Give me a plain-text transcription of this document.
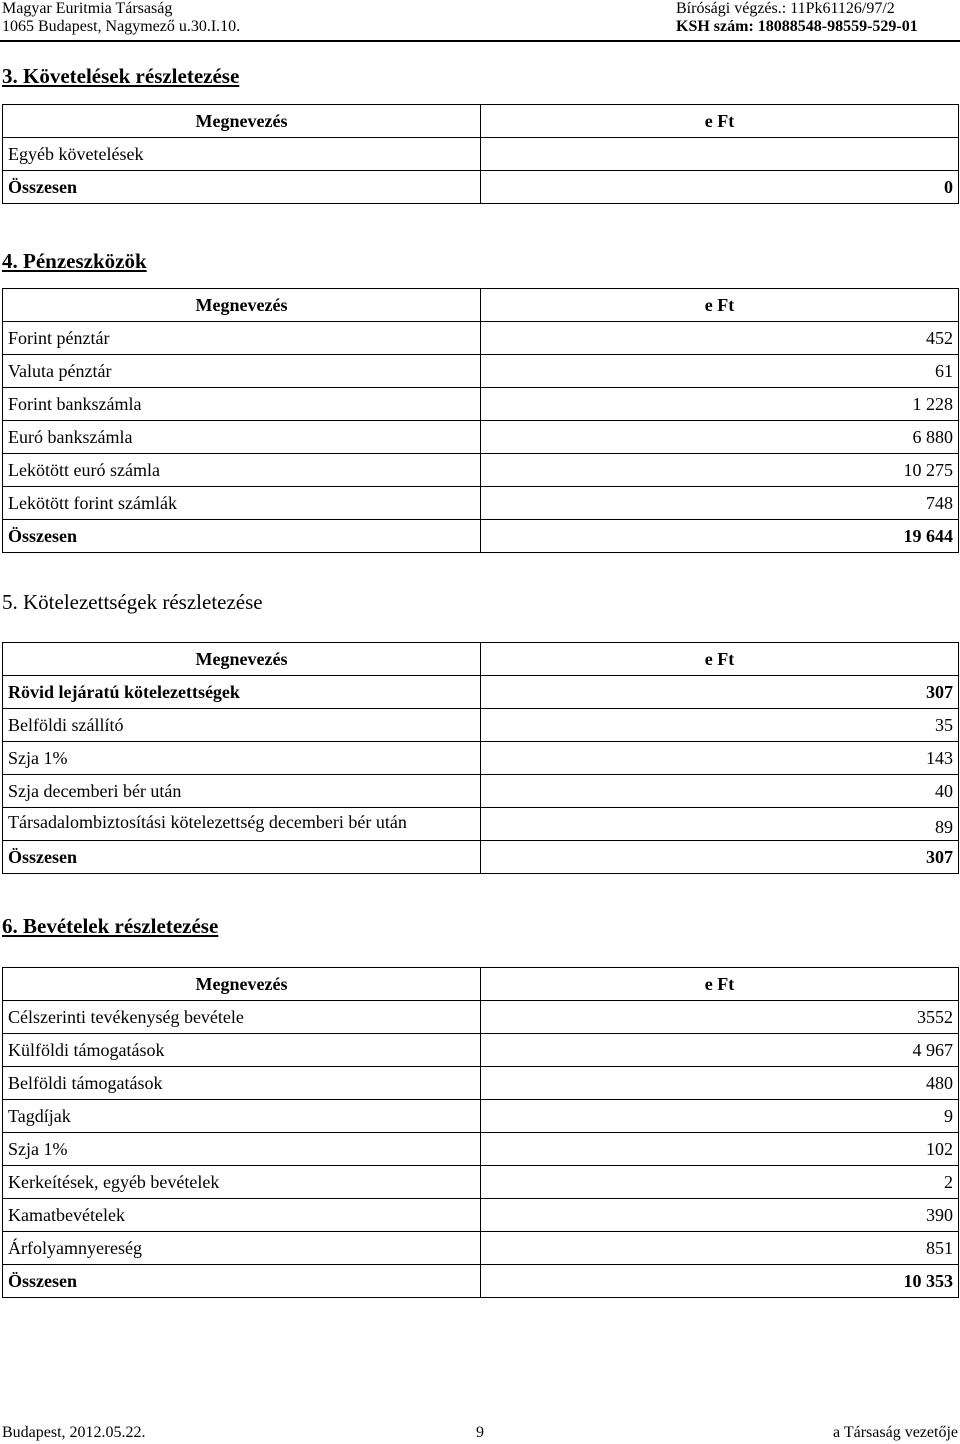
Magyar Euritmia Társaság
1065 Budapest, Nagymező u.30.I.10.
Bírósági végzés.: 11Pk61126/97/2
KSH szám: 18088548-98559-529-01
3. Követelések részletezése
Megnevezés	e Ft
Egyéb követelések	
Összesen	0
4. Pénzeszközök
Megnevezés	e Ft
Forint pénztár	452
Valuta pénztár	61
Forint bankszámla	1 228
Euró bankszámla	6 880
Lekötött euró számla	10 275
Lekötött forint számlák	748
Összesen	19 644
5. Kötelezettségek részletezése
Megnevezés	e Ft
Rövid lejáratú kötelezettségek	307
Belföldi szállító	35
Szja 1%	143
Szja decemberi bér után	40
Társadalombiztosítási kötelezettség decemberi bér után	89
Összesen	307
6. Bevételek részletezése
Megnevezés	e Ft
Célszerinti tevékenység bevétele	3552
Külföldi támogatások	4 967
Belföldi támogatások	480
Tagdíjak	9
Szja 1%	102
Kerkeítések, egyéb bevételek	2
Kamatbevételek	390
Árfolyamnyereség	851
Összesen	10 353
Budapest, 2012.05.22.	9	a Társaság vezetője
